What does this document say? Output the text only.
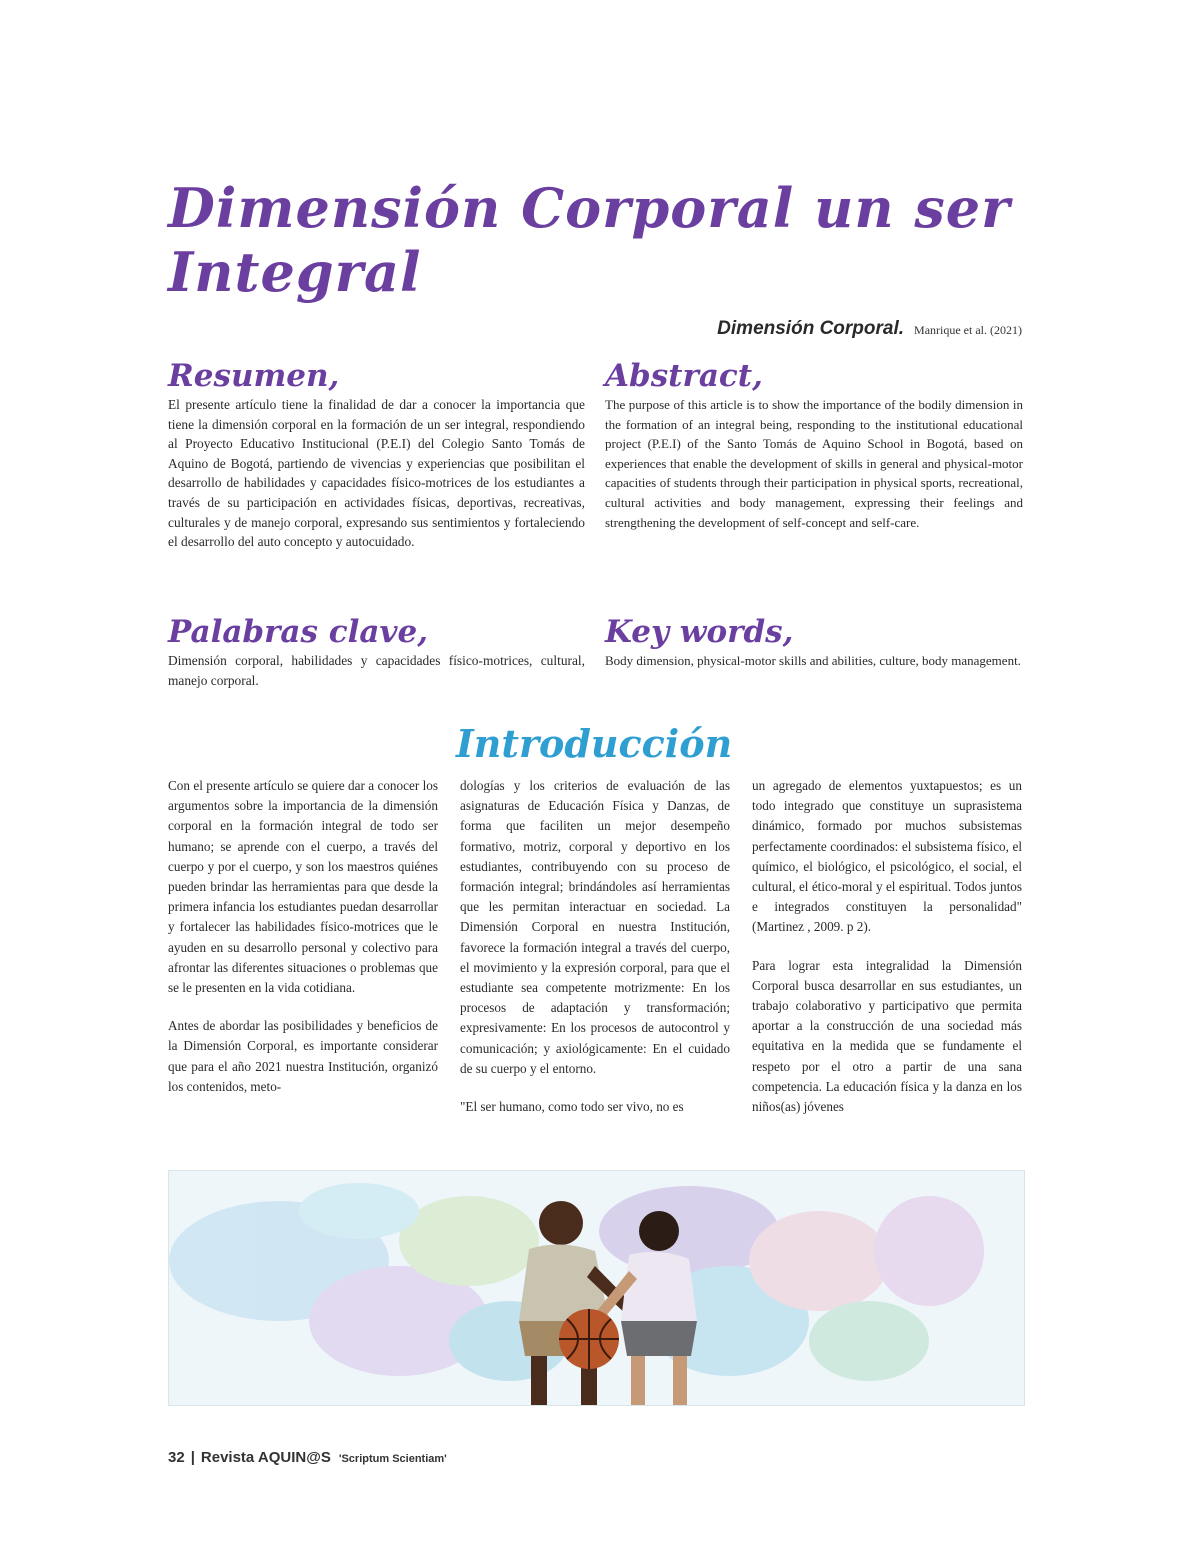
Dimensión Corporal un ser Integral
Dimensión Corporal. Manrique et al. (2021)
Resumen,

El presente artículo tiene la finalidad de dar a conocer la importancia que tiene la dimensión corporal en la formación de un ser integral, respondiendo al Proyecto Educativo Institucional (P.E.I) del Colegio Santo Tomás de Aquino de Bogotá, partiendo de vivencias y experiencias que posibilitan el desarrollo de habilidades y capacidades físico-motrices de los estudiantes a través de su participación en actividades físicas, deportivas, recreativas, culturales y de manejo corporal, expresando sus sentimientos y fortaleciendo el desarrollo del auto concepto y autocuidado.

Abstract,

The purpose of this article is to show the importance of the bodily dimension in the formation of an integral being, responding to the institutional educational project (P.E.I) of the Santo Tomás de Aquino School in Bogotá, based on experiences that enable the development of skills in general and physical-motor capacities of students through their participation in physical sports, recreational, cultural activities and body management, expressing their feelings and strengthening the development of self-concept and self-care.

Palabras clave,

Dimensión corporal, habilidades y capacidades físico-motrices, cultural, manejo corporal.

Key words,

Body dimension, physical-motor skills and abilities, culture, body management.

Introducción

Con el presente artículo se quiere dar a conocer los argumentos sobre la importancia de la dimensión corporal en la formación integral de todo ser humano; se aprende con el cuerpo, a través del cuerpo y por el cuerpo, y son los maestros quiénes pueden brindar las herramientas para que desde la primera infancia los estudiantes puedan desarrollar y fortalecer las habilidades físico-motrices que le ayuden en su desarrollo personal y colectivo para afrontar las diferentes situaciones o problemas que se le presenten en la vida cotidiana.

Antes de abordar las posibilidades y beneficios de la Dimensión Corporal, es importante considerar que para el año 2021 nuestra Institución, organizó los contenidos, meto-

dologías y los criterios de evaluación de las asignaturas de Educación Física y Danzas, de forma que faciliten un mejor desempeño formativo, motriz, corporal y deportivo en los estudiantes, contribuyendo con su proceso de formación integral; brindándoles así herramientas que les permitan interactuar en sociedad. La Dimensión Corporal en nuestra Institución, favorece la formación integral a través del cuerpo, el movimiento y la expresión corporal, para que el estudiante sea competente motrizmente: En los procesos de adaptación y transformación; expresivamente: En los procesos de autocontrol y comunicación; y axiológicamente: En el cuidado de su cuerpo y el entorno.

"El ser humano, como todo ser vivo, no es

un agregado de elementos yuxtapuestos; es un todo integrado que constituye un suprasistema dinámico, formado por muchos subsistemas perfectamente coordinados: el subsistema físico, el químico, el biológico, el psicológico, el social, el cultural, el ético-moral y el espiritual. Todos juntos e integrados constituyen la personalidad" (Martinez , 2009. p 2).

Para lograr esta integralidad la Dimensión Corporal busca desarrollar en sus estudiantes, un trabajo colaborativo y participativo que permita aportar a la construcción de una sociedad más equitativa en la medida que se fundamente el respeto por el otro a partir de una sana competencia. La educación física y la danza en los niños(as) jóvenes

32 | Revista AQUIN@S 'Scriptum Scientiam'
